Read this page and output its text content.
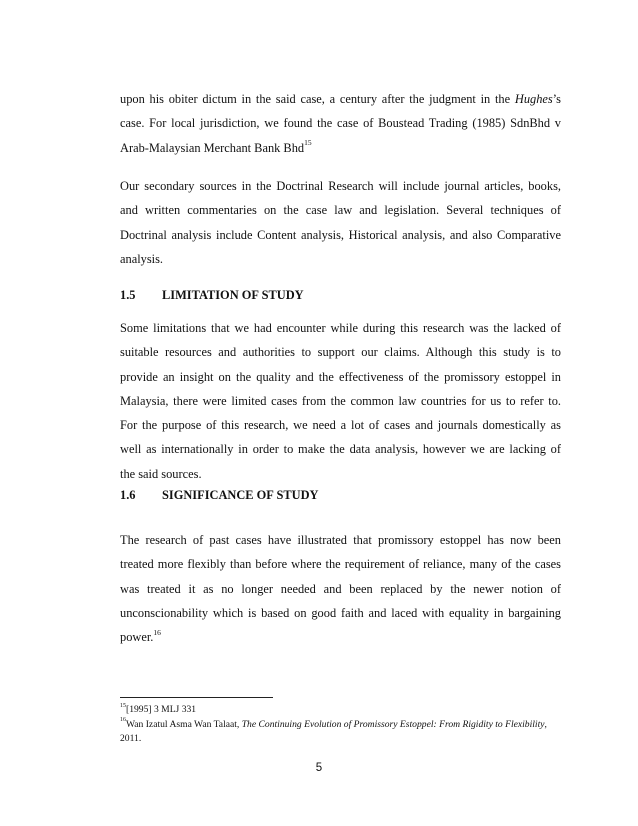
upon his obiter dictum in the said case, a century after the judgment in the Hughes’s
case. For local jurisdiction, we found the case of Boustead Trading (1985) SdnBhd v
Arab-Malaysian Merchant Bank Bhd$^{15}$
Our secondary sources in the Doctrinal Research will include journal articles, books,
and written commentaries on the case law and legislation. Several techniques of
Doctrinal analysis include Content analysis, Historical analysis, and also Comparative
analysis.
1.5 LIMITATION OF STUDY
Some limitations that we had encounter while during this research was the lacked of
suitable resources and authorities to support our claims. Although this study is to
provide an insight on the quality and the effectiveness of the promissory estoppel in
Malaysia, there were limited cases from the common law countries for us to refer to.
For the purpose of this research, we need a lot of cases and journals domestically as
well as internationally in order to make the data analysis, however we are lacking of
the said sources.
1.6 SIGNIFICANCE OF STUDY
The research of past cases have illustrated that promissory estoppel has now been
treated more flexibly than before where the requirement of reliance, many of the cases
was treated it as no longer needed and been replaced by the newer notion of
unconscionability which is based on good faith and laced with equality in bargaining
power.$^{16}$
$^{15}$[1995] 3 MLJ 331
$^{16}$Wan Izatul Asma Wan Talaat, The Continuing Evolution of Promissory Estoppel: From Rigidity to Flexibility,
2011.
5
